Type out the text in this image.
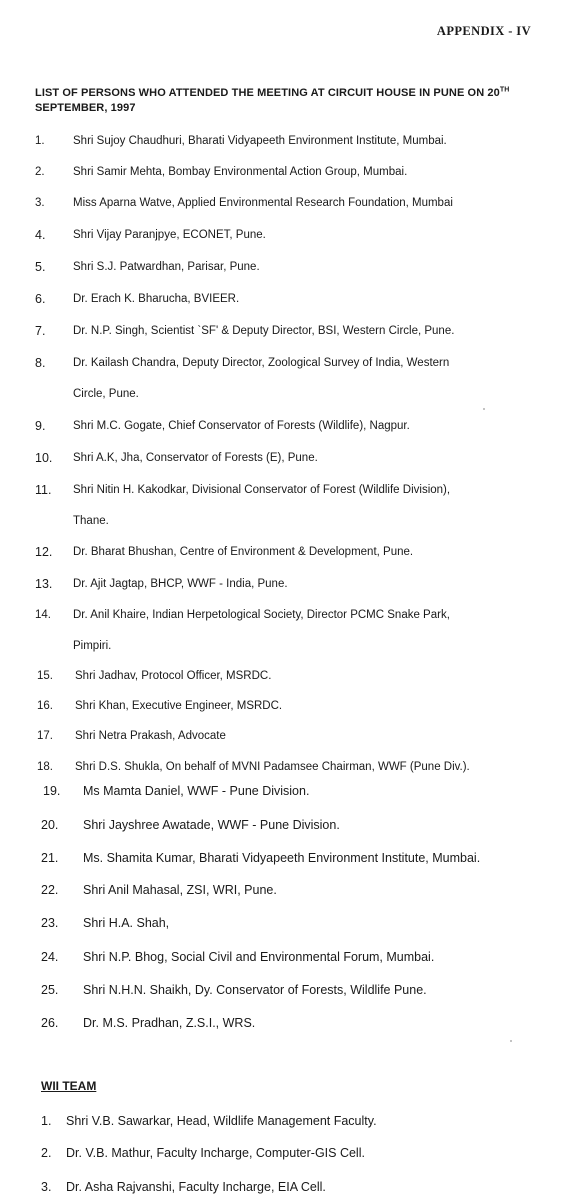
APPENDIX - IV
LIST OF PERSONS WHO ATTENDED THE MEETING AT CIRCUIT HOUSE IN PUNE ON 20TH SEPTEMBER, 1997
1. Shri Sujoy Chaudhuri, Bharati Vidyapeeth Environment Institute, Mumbai.
2. Shri Samir Mehta, Bombay Environmental Action Group, Mumbai.
3. Miss Aparna Watve, Applied Environmental Research Foundation, Mumbai
4. Shri Vijay Paranjpye, ECONET, Pune.
5. Shri S.J. Patwardhan, Parisar, Pune.
6. Dr. Erach K. Bharucha, BVIEER.
7. Dr. N.P. Singh, Scientist `SF' & Deputy Director, BSI, Western Circle, Pune.
8. Dr. Kailash Chandra, Deputy Director, Zoological Survey of India, Western
Circle, Pune.
9. Shri M.C. Gogate, Chief Conservator of Forests (Wildlife), Nagpur.
10. Shri A.K, Jha, Conservator of Forests (E), Pune.
11. Shri Nitin H. Kakodkar, Divisional Conservator of Forest (Wildlife Division),
Thane.
12. Dr. Bharat Bhushan, Centre of Environment & Development, Pune.
13. Dr. Ajit Jagtap, BHCP, WWF - India, Pune.
14. Dr. Anil Khaire, Indian Herpetological Society, Director PCMC Snake Park,
Pimpiri.
15. Shri Jadhav, Protocol Officer, MSRDC.
16. Shri Khan, Executive Engineer, MSRDC.
17. Shri Netra Prakash, Advocate
18. Shri D.S. Shukla, On behalf of MVNI Padamsee Chairman, WWF (Pune Div.).
19. Ms Mamta Daniel, WWF - Pune Division.
20. Shri Jayshree Awatade, WWF - Pune Division.
21. Ms. Shamita Kumar, Bharati Vidyapeeth Environment Institute, Mumbai.
22. Shri Anil Mahasal, ZSI, WRI, Pune.
23. Shri H.A. Shah,
24. Shri N.P. Bhog, Social Civil and Environmental Forum, Mumbai.
25. Shri N.H.N. Shaikh, Dy. Conservator of Forests, Wildlife Pune.
26. Dr. M.S. Pradhan, Z.S.I., WRS.
WII TEAM
1. Shri V.B. Sawarkar, Head, Wildlife Management Faculty.
2. Dr. V.B. Mathur, Faculty Incharge, Computer-GIS Cell.
3. Dr. Asha Rajvanshi, Faculty Incharge, EIA Cell.
